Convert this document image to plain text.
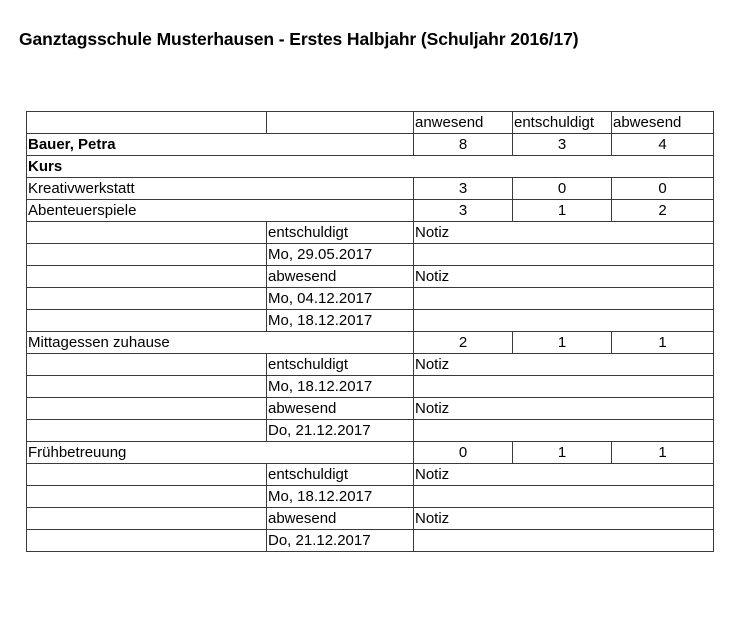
Ganztagsschule Musterhausen - Erstes Halbjahr (Schuljahr 2016/17)
		anwesend	entschuldigt	abwesend
Bauer, Petra		8	3	4
Kurs				
Kreativwerkstatt		3	0	0
Abenteuerspiele		3	1	2
	entschuldigt	Notiz		
	Mo, 29.05.2017			
	abwesend	Notiz		
	Mo, 04.12.2017			
	Mo, 18.12.2017			
Mittagessen zuhause		2	1	1
	entschuldigt	Notiz		
	Mo, 18.12.2017			
	abwesend	Notiz		
	Do, 21.12.2017			
Frühbetreuung		0	1	1
	entschuldigt	Notiz		
	Mo, 18.12.2017			
	abwesend	Notiz		
	Do, 21.12.2017			
